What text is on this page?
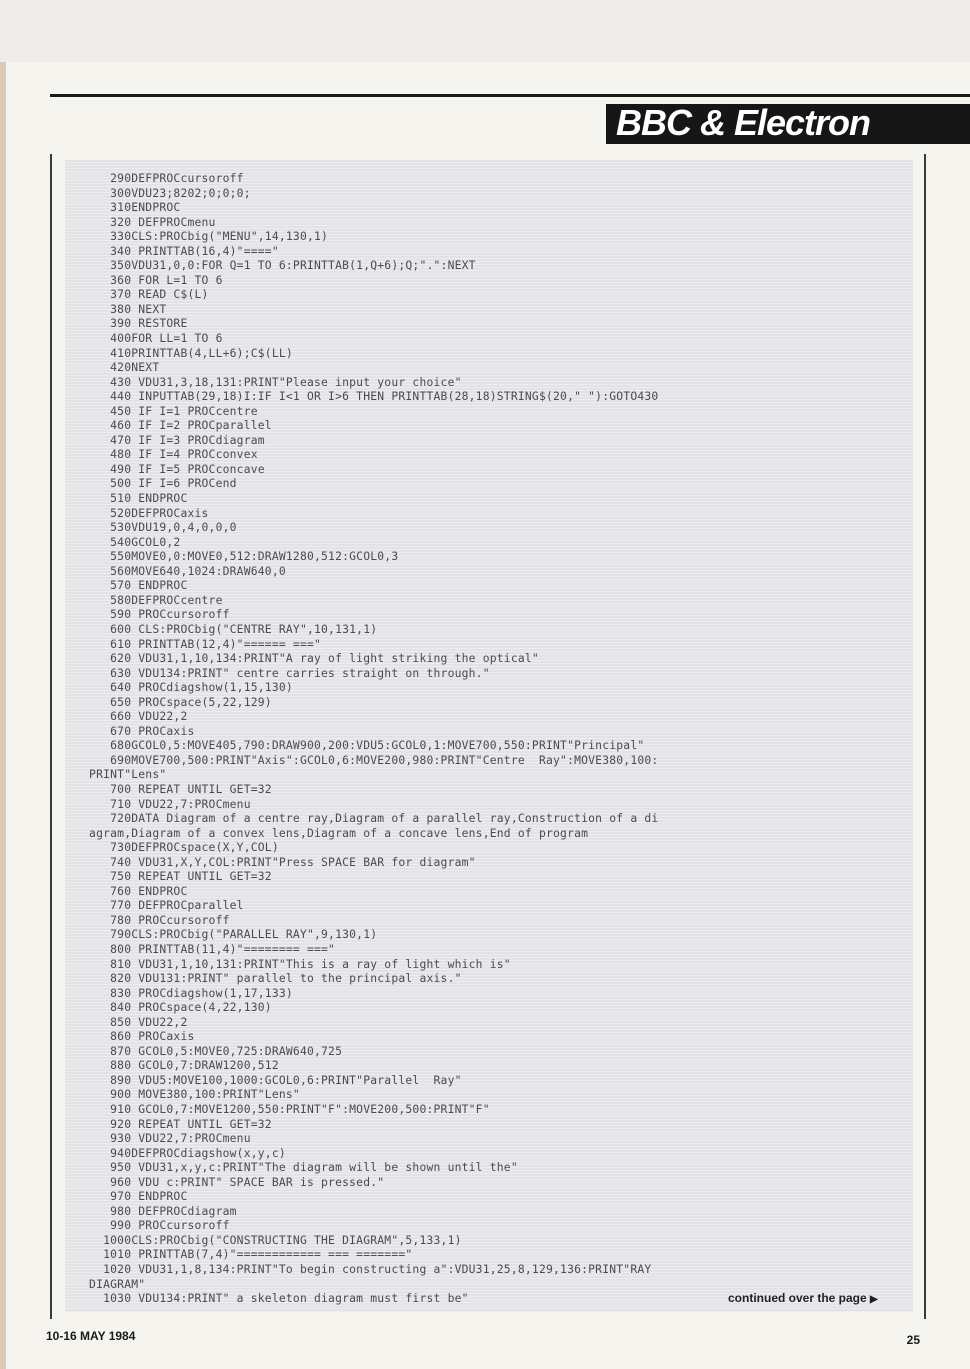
BBC & Electron
290DEFPROCcursoroff
300VDU23;8202;0;0;0;
310ENDPROC
320 DEFPROCmenu
330CLS:PROCbig("MENU",14,130,1)
340 PRINTTAB(16,4)"===="
350VDU31,0,0:FOR Q=1 TO 6:PRINTTAB(1,Q+6);Q;".":NEXT
360 FOR L=1 TO 6
370 READ C$(L)
380 NEXT
390 RESTORE
400FOR LL=1 TO 6
410PRINTTAB(4,LL+6);C$(LL)
420NEXT
430 VDU31,3,18,131:PRINT"Please input your choice"
440 INPUTTAB(29,18)I:IF I<1 OR I>6 THEN PRINTTAB(28,18)STRING$(20," "):GOTO430
450 IF I=1 PROCcentre
460 IF I=2 PROCparallel
470 IF I=3 PROCdiagram
480 IF I=4 PROCconvex
490 IF I=5 PROCconcave
500 IF I=6 PROCend
510 ENDPROC
520DEFPROCaxis
530VDU19,0,4,0,0,0
540GCOL0,2
550MOVE0,0:MOVE0,512:DRAW1280,512:GCOL0,3
560MOVE640,1024:DRAW640,0
570 ENDPROC
580DEFPROCcentre
590 PROCcursoroff
600 CLS:PROCbig("CENTRE RAY",10,131,1)
610 PRINTTAB(12,4)"====== ==="
620 VDU31,1,10,134:PRINT"A ray of light striking the optical"
630 VDU134:PRINT" centre carries straight on through."
640 PROCdiagshow(1,15,130)
650 PROCspace(5,22,129)
660 VDU22,2
670 PROCaxis
680GCOL0,5:MOVE405,790:DRAW900,200:VDU5:GCOL0,1:MOVE700,550:PRINT"Principal"
690MOVE700,500:PRINT"Axis":GCOL0,6:MOVE200,980:PRINT"Centre  Ray":MOVE380,100:
PRINT"Lens"
700 REPEAT UNTIL GET=32
710 VDU22,7:PROCmenu
720DATA Diagram of a centre ray,Diagram of a parallel ray,Construction of a di
agram,Diagram of a convex lens,Diagram of a concave lens,End of program
730DEFPROCspace(X,Y,COL)
740 VDU31,X,Y,COL:PRINT"Press SPACE BAR for diagram"
750 REPEAT UNTIL GET=32
760 ENDPROC
770 DEFPROCparallel
780 PROCcursoroff
790CLS:PROCbig("PARALLEL RAY",9,130,1)
800 PRINTTAB(11,4)"======== ==="
810 VDU31,1,10,131:PRINT"This is a ray of light which is"
820 VDU131:PRINT" parallel to the principal axis."
830 PROCdiagshow(1,17,133)
840 PROCspace(4,22,130)
850 VDU22,2
860 PROCaxis
870 GCOL0,5:MOVE0,725:DRAW640,725
880 GCOL0,7:DRAW1200,512
890 VDU5:MOVE100,1000:GCOL0,6:PRINT"Parallel  Ray"
900 MOVE380,100:PRINT"Lens"
910 GCOL0,7:MOVE1200,550:PRINT"F":MOVE200,500:PRINT"F"
920 REPEAT UNTIL GET=32
930 VDU22,7:PROCmenu
940DEFPROCdiagshow(x,y,c)
950 VDU31,x,y,c:PRINT"The diagram will be shown until the"
960 VDU c:PRINT" SPACE BAR is pressed."
970 ENDPROC
980 DEFPROCdiagram
990 PROCcursoroff
1000CLS:PROCbig("CONSTRUCTING THE DIAGRAM",5,133,1)
1010 PRINTTAB(7,4)"============ === ======="
1020 VDU31,1,8,134:PRINT"To begin constructing a":VDU31,25,8,129,136:PRINT"RAY
DIAGRAM"
1030 VDU134:PRINT" a skeleton diagram must first be"	continued over the page ▶
10-16 MAY 1984	25
